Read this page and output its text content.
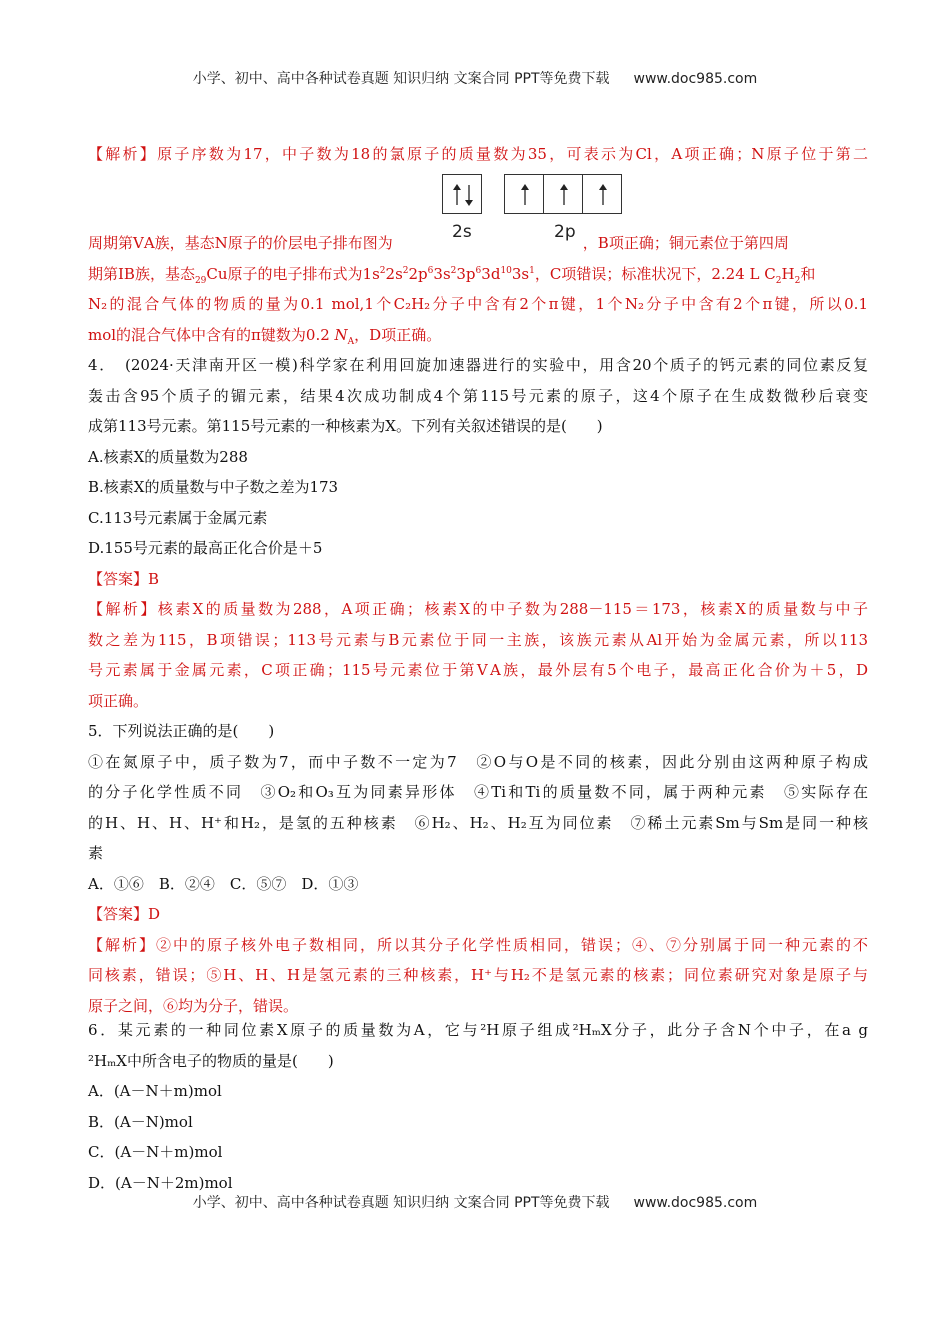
小学、初中、高中各种试卷真题 知识归纳 文案合同 PPT等免费下载 www.doc985.com
【解析】原子序数为17，中子数为18的氯原子的质量数为35，可表示为Cl，A项正确；N原子位于第二
2s	2p
周期第ⅤA族，基态N原子的价层电子排布图为	，B项正确；铜元素位于第四周
期第ⅠB族，基态$_{29}$Cu原子的电子排布式为$1s^22s^22p^63s^23p^63d^{10}3s^1$，C项错误；标准状况下，2.24 L $C_2H_2$和
N₂的混合气体的物质的量为0.1 mol,1个C₂H₂分子中含有2个π键，1个N₂分子中含有2个π键，所以0.1
mol的混合气体中含有的π键数为0.2 $N_A$，D项正确。
4．　(2024·天津南开区一模)科学家在利用回旋加速器进行的实验中，用含20个质子的钙元素的同位素反复
轰击含95个质子的镅元素，结果4次成功制成4个第115号元素的原子，这4个原子在生成数微秒后衰变
成第113号元素。第115号元素的一种核素为X。下列有关叙述错误的是(　　)
A.核素X的质量数为288
B.核素X的质量数与中子数之差为173
C.113号元素属于金属元素
D.155号元素的最高正化合价是＋5
【答案】B
【解析】核素X的质量数为288，A项正确；核素X的中子数为288－115＝173，核素X的质量数与中子
数之差为115，B项错误；113号元素与B元素位于同一主族，该族元素从Al开始为金属元素，所以113
号元素属于金属元素，C项正确；115号元素位于第ⅤA族，最外层有5个电子，最高正化合价为＋5，D
项正确。
5．下列说法正确的是(　　)
①在氮原子中，质子数为7，而中子数不一定为7　②O与O是不同的核素，因此分别由这两种原子构成
的分子化学性质不同　③O₂和O₃互为同素异形体　④Ti和Ti的质量数不同，属于两种元素　⑤实际存在
的H、H、H、H⁺和H₂，是氢的五种核素　⑥H₂、H₂、H₂互为同位素　⑦稀土元素Sm与Sm是同一种核
素
A．①⑥　B．②④　C．⑤⑦　D．①③
【答案】D
【解析】②中的原子核外电子数相同，所以其分子化学性质相同，错误；④、⑦分别属于同一种元素的不
同核素，错误；⑤H、H、H是氢元素的三种核素，H⁺与H₂不是氢元素的核素；同位素研究对象是原子与
原子之间，⑥均为分子，错误。
6．某元素的一种同位素X原子的质量数为A，它与²H原子组成²HₘX分子，此分子含N个中子，在a g
²HₘX中所含电子的物质的量是(　　)
A．(A－N＋m)mol
B．(A－N)mol
C．(A－N＋m)mol
D．(A－N＋2m)mol
小学、初中、高中各种试卷真题 知识归纳 文案合同 PPT等免费下载 www.doc985.com
